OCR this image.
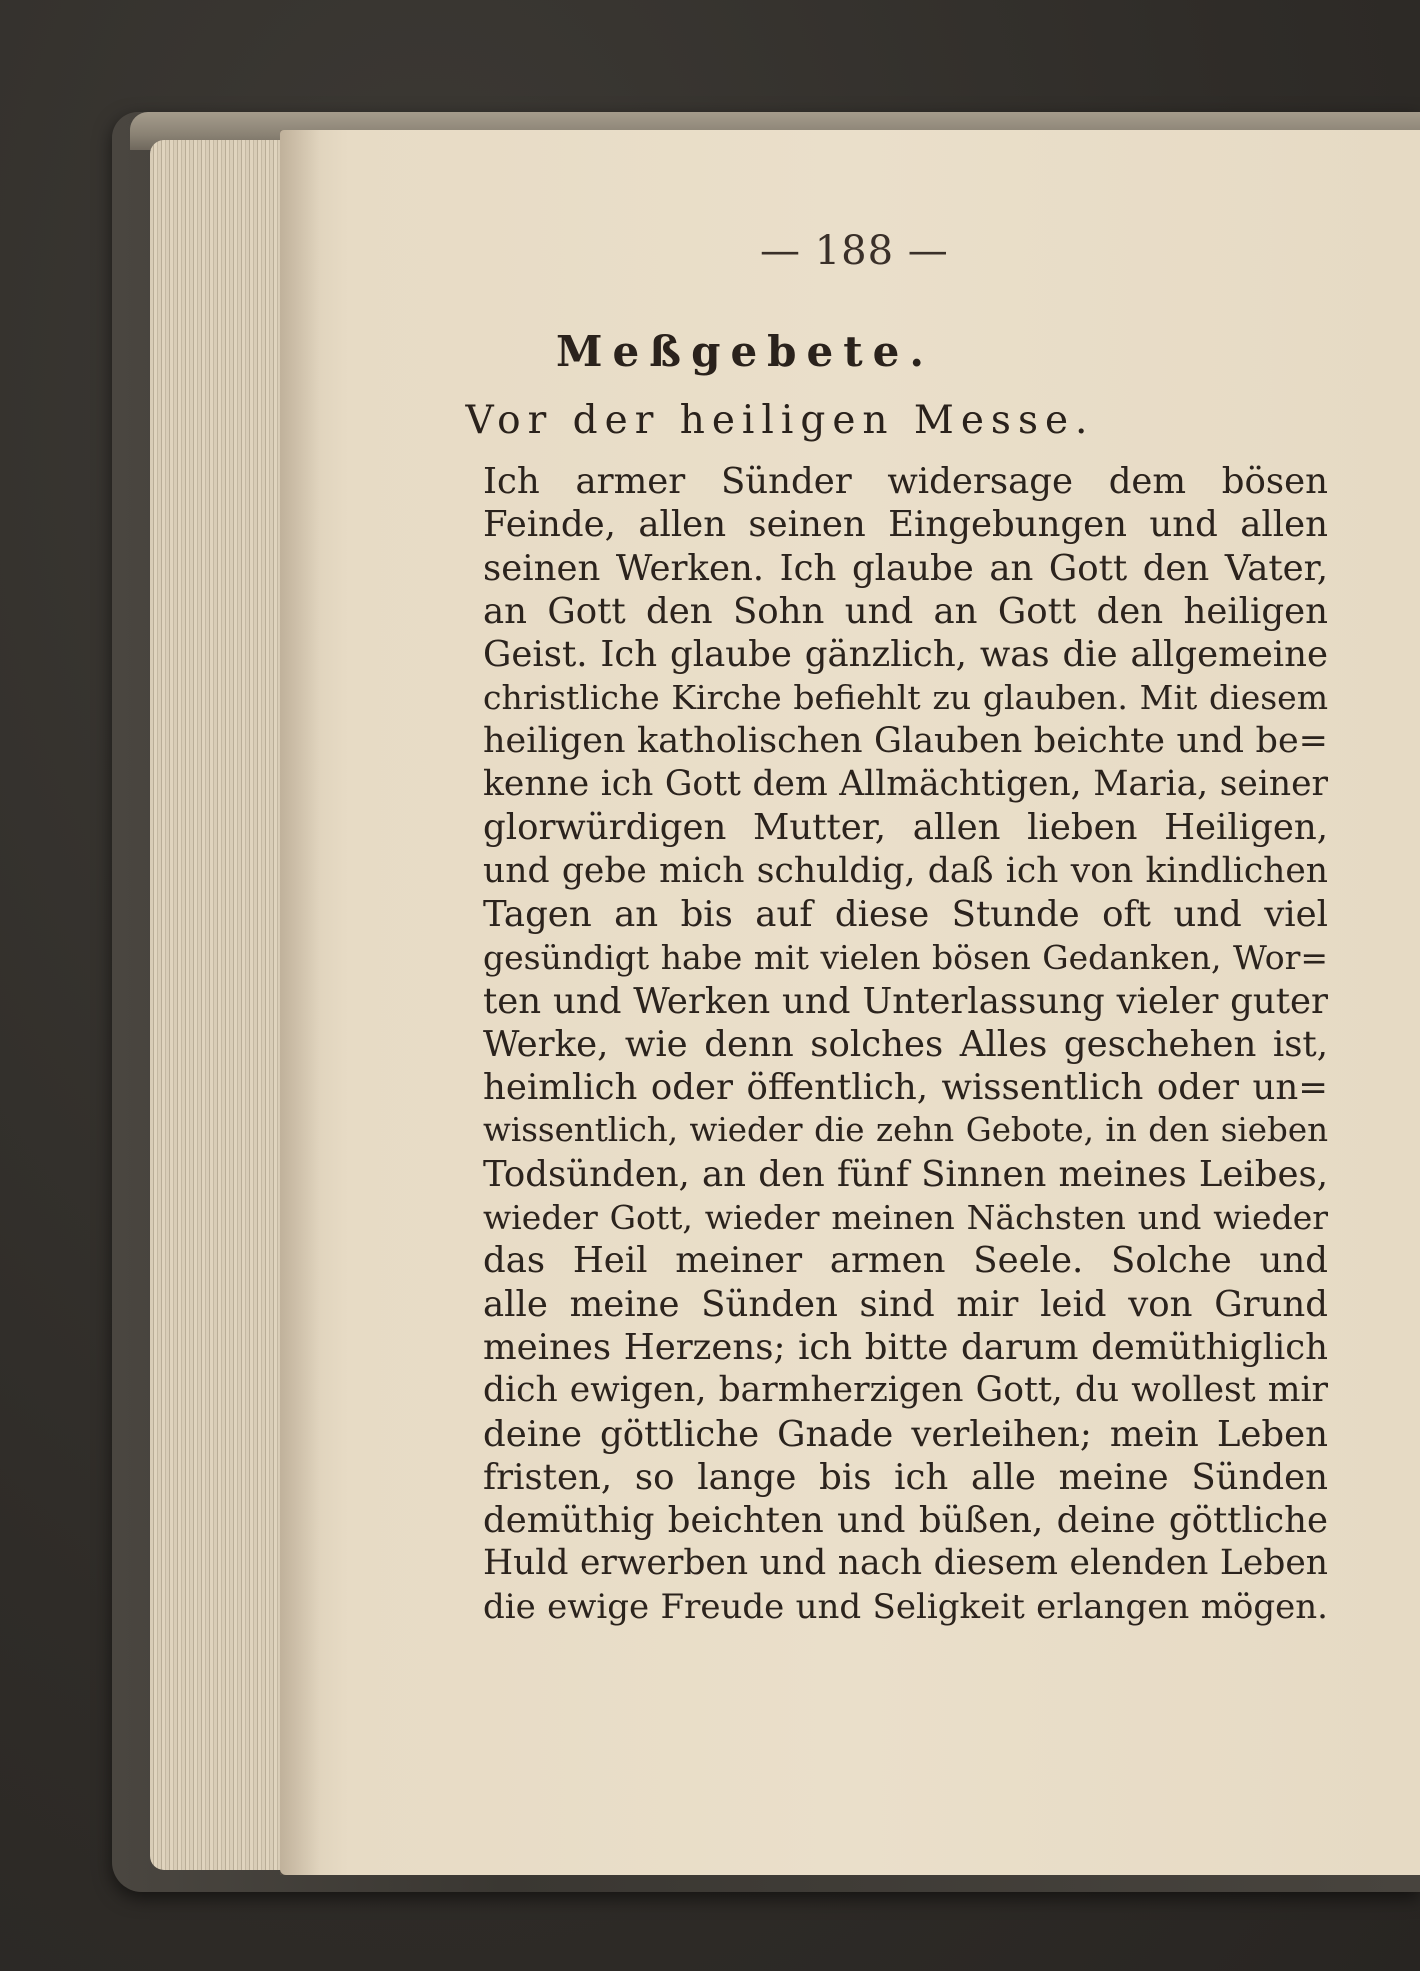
— 188 —
Meßgebete.
Vor der heiligen Messe.
Ich armer Sünder widersage dem bösen
Feinde, allen seinen Eingebungen und allen
seinen Werken. Ich glaube an Gott den Vater,
an Gott den Sohn und an Gott den heiligen
Geist. Ich glaube gänzlich, was die allgemeine
christliche Kirche befiehlt zu glauben. Mit diesem
heiligen katholischen Glauben beichte und be=
kenne ich Gott dem Allmächtigen, Maria, seiner
glorwürdigen Mutter, allen lieben Heiligen,
und gebe mich schuldig, daß ich von kindlichen
Tagen an bis auf diese Stunde oft und viel
gesündigt habe mit vielen bösen Gedanken, Wor=
ten und Werken und Unterlassung vieler guter
Werke, wie denn solches Alles geschehen ist,
heimlich oder öffentlich, wissentlich oder un=
wissentlich, wieder die zehn Gebote, in den sieben
Todsünden, an den fünf Sinnen meines Leibes,
wieder Gott, wieder meinen Nächsten und wieder
das Heil meiner armen Seele. Solche und
alle meine Sünden sind mir leid von Grund
meines Herzens; ich bitte darum demüthiglich
dich ewigen, barmherzigen Gott, du wollest mir
deine göttliche Gnade verleihen; mein Leben
fristen, so lange bis ich alle meine Sünden
demüthig beichten und büßen, deine göttliche
Huld erwerben und nach diesem elenden Leben
die ewige Freude und Seligkeit erlangen mögen.
